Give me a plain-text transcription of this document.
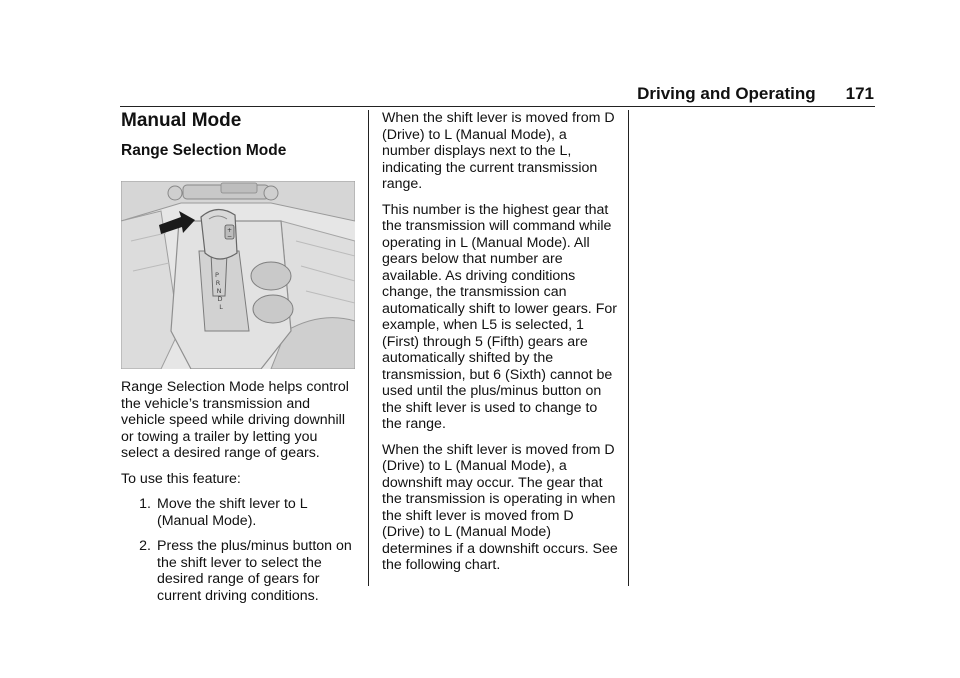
Driving and Operating 171
Manual Mode
Range Selection Mode
P
R
N
D
L
+
−

Range Selection Mode helps control the vehicle’s transmission and vehicle speed while driving downhill or towing a trailer by letting you select a desired range of gears.

To use this feature:

1. Move the shift lever to L (Manual Mode).
2. Press the plus/minus button on the shift lever to select the desired range of gears for current driving conditions.

When the shift lever is moved from D (Drive) to L (Manual Mode), a number displays next to the L, indicating the current transmission range.

This number is the highest gear that the transmission will command while operating in L (Manual Mode). All gears below that number are available. As driving conditions change, the transmission can automatically shift to lower gears. For example, when L5 is selected, 1 (First) through 5 (Fifth) gears are automatically shifted by the transmission, but 6 (Sixth) cannot be used until the plus/minus button on the shift lever is used to change to the range.

When the shift lever is moved from D (Drive) to L (Manual Mode), a downshift may occur. The gear that the transmission is operating in when the shift lever is moved from D (Drive) to L (Manual Mode) determines if a downshift occurs. See the following chart.
